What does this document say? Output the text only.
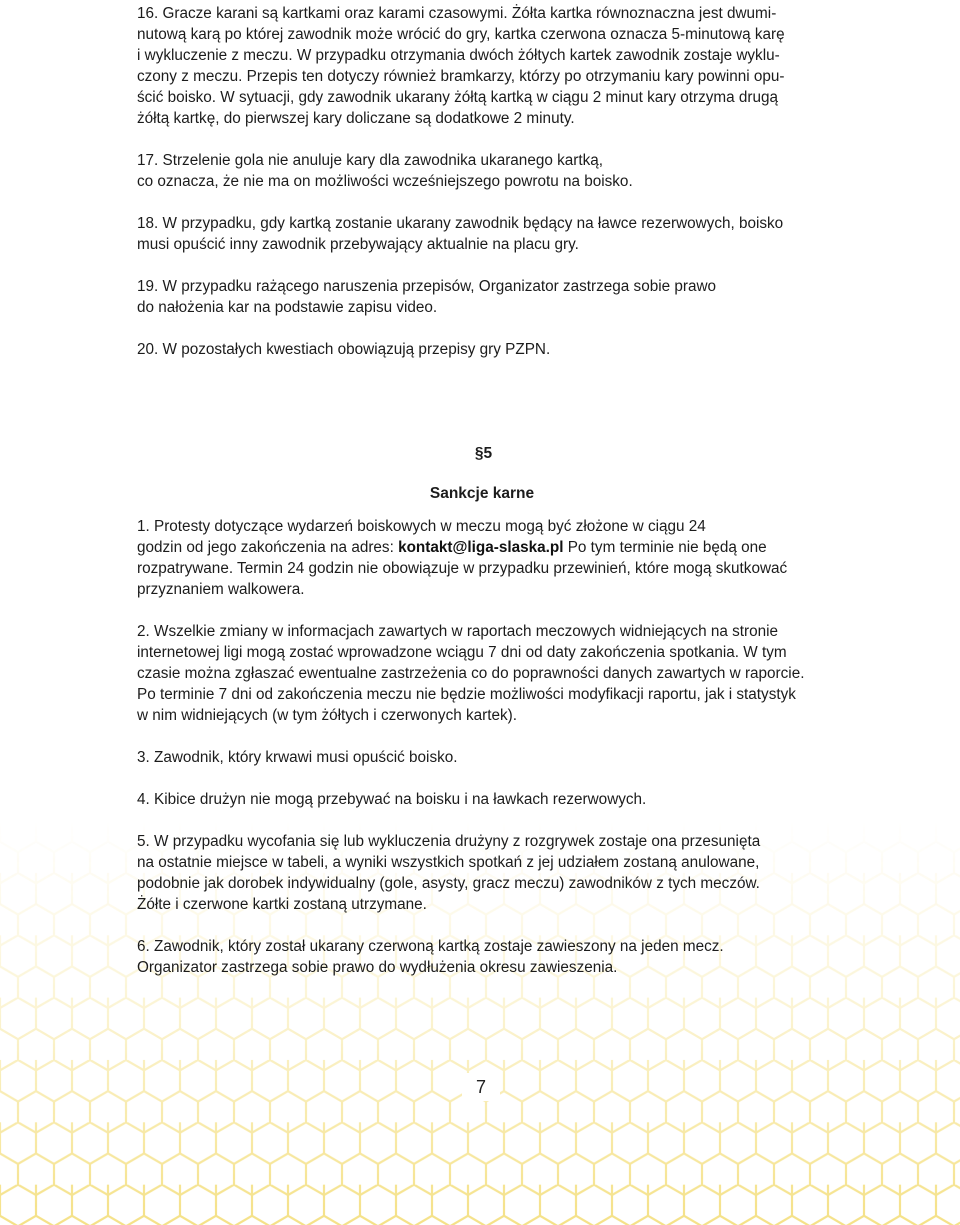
16. Gracze karani są kartkami oraz karami czasowymi. Żółta kartka równoznaczna jest dwumi-
nutową karą po której zawodnik może wrócić do gry, kartka czerwona oznacza 5-minutową karę
i wykluczenie z meczu. W przypadku otrzymania dwóch żółtych kartek zawodnik zostaje wyklu-
czony z meczu. Przepis ten dotyczy również bramkarzy, którzy po otrzymaniu kary powinni opu-
ścić boisko. W sytuacji, gdy zawodnik ukarany żółtą kartką w ciągu 2 minut kary otrzyma drugą
żółtą kartkę, do pierwszej kary doliczane są dodatkowe 2 minuty.

17. Strzelenie gola nie anuluje kary dla zawodnika ukaranego kartką,
co oznacza, że nie ma on możliwości wcześniejszego powrotu na boisko.

18. W przypadku, gdy kartką zostanie ukarany zawodnik będący na ławce rezerwowych, boisko
musi opuścić inny zawodnik przebywający aktualnie na placu gry.

19. W przypadku rażącego naruszenia przepisów, Organizator zastrzega sobie prawo
do nałożenia kar na podstawie zapisu video.

20. W pozostałych kwestiach obowiązują przepisy gry PZPN.

§5

Sankcje karne

1. Protesty dotyczące wydarzeń boiskowych w meczu mogą być złożone w ciągu 24
godzin od jego zakończenia na adres: kontakt@liga-slaska.pl Po tym terminie nie będą one
rozpatrywane. Termin 24 godzin nie obowiązuje w przypadku przewinień, które mogą skutkować
przyznaniem walkowera.

2. Wszelkie zmiany w informacjach zawartych w raportach meczowych widniejących na stronie
internetowej ligi mogą zostać wprowadzone wciągu 7 dni od daty zakończenia spotkania. W tym
czasie można zgłaszać ewentualne zastrzeżenia co do poprawności danych zawartych w raporcie.
Po terminie 7 dni od zakończenia meczu nie będzie możliwości modyfikacji raportu, jak i statystyk
w nim widniejących (w tym żółtych i czerwonych kartek).

3. Zawodnik, który krwawi musi opuścić boisko.

4. Kibice drużyn nie mogą przebywać na boisku i na ławkach rezerwowych.

5. W przypadku wycofania się lub wykluczenia drużyny z rozgrywek zostaje ona przesunięta
na ostatnie miejsce w tabeli, a wyniki wszystkich spotkań z jej udziałem zostaną anulowane,
podobnie jak dorobek indywidualny (gole, asysty, gracz meczu) zawodników z tych meczów.
Żółte i czerwone kartki zostaną utrzymane.

6. Zawodnik, który został ukarany czerwoną kartką zostaje zawieszony na jeden mecz.
Organizator zastrzega sobie prawo do wydłużenia okresu zawieszenia.

7
